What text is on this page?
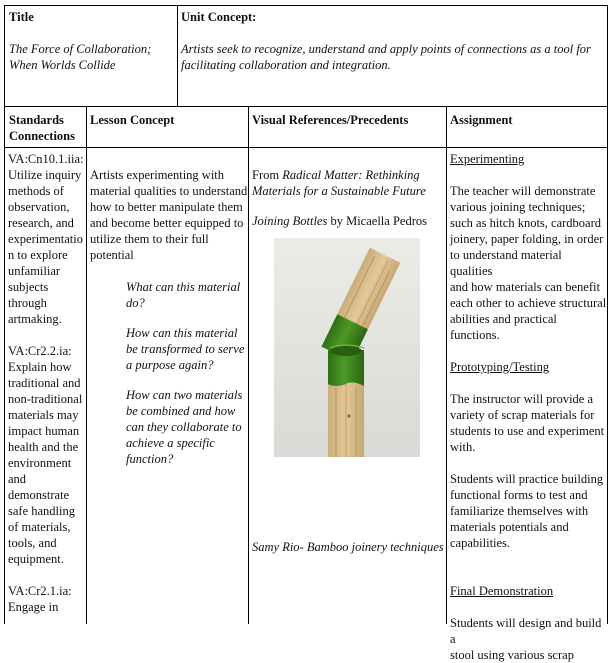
Title

The Force of Collaboration;

When Worlds Collide

Unit Concept:

Artists seek to recognize, understand and apply points of connections as a tool for

facilitating collaboration and integration.

Standards

Connections

Lesson Concept	Visual References/Precedents	Assignment

VA:Cn10.1.iia:

Utilize inquiry

methods of

observation,

research, and

experimentatio

n to explore

unfamiliar

subjects

through

artmaking.

VA:Cr2.2.ia:

Explain how

traditional and

non-traditional

materials may

impact human

health and the

environment

and

demonstrate

safe handling

of materials,

tools, and

equipment.

VA:Cr2.1.ia:

Engage in

Artists experimenting with

material qualities to understand

how to better manipulate them

and become better equipped to

utilize them to their full

potential

What can this material

do?

How can this material

be transformed to serve

a purpose again?

How can two materials

be combined and how

can they collaborate to

achieve a specific

function?

From Radical Matter: Rethinking

Materials for a Sustainable Future

Joining Bottles by Micaella Pedros

Samy Rio- Bamboo joinery techniques

Experimenting

The teacher will demonstrate

various joining techniques;

such as hitch knots, cardboard

joinery, paper folding, in order

to understand material qualities

and how materials can benefit

each other to achieve structural

abilities and practical functions.

Prototyping/Testing

The instructor will provide a

variety of scrap materials for

students to use and experiment

with.

Students will practice building

functional forms to test and

familiarize themselves with

materials potentials and

capabilities.

Final Demonstration

Students will design and build a

stool using various scrap
